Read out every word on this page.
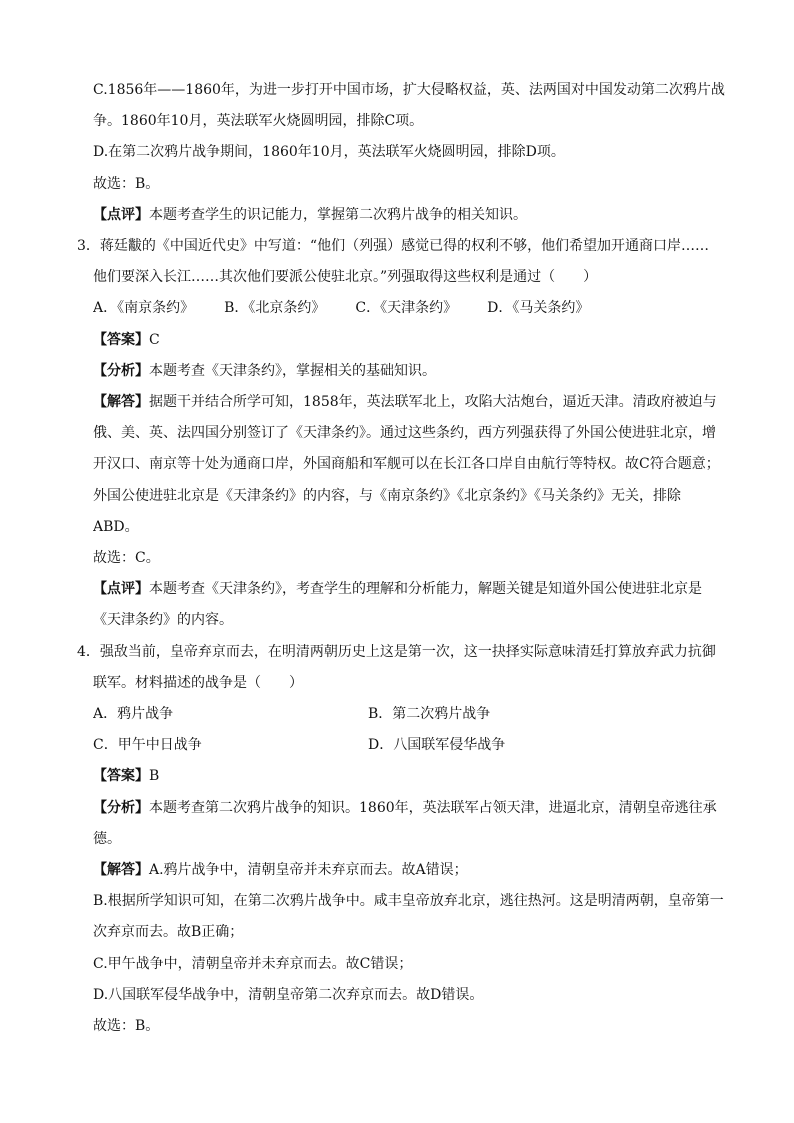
C.1856年——1860年，为进一步打开中国市场，扩大侵略权益，英、法两国对中国发动第二次鸦片战
争。1860年10月，英法联军火烧圆明园，排除C项。
D.在第二次鸦片战争期间，1860年10月，英法联军火烧圆明园，排除D项。
故选：B。
【点评】本题考查学生的识记能力，掌握第二次鸦片战争的相关知识。
3．蒋廷黻的《中国近代史》中写道：“他们（列强）感觉已得的权利不够，他们希望加开通商口岸……
他们要深入长江……其次他们要派公使驻北京。”列强取得这些权利是通过（　　）
A．《南京条约》 B．《北京条约》 C．《天津条约》 D．《马关条约》
【答案】C
【分析】本题考查《天津条约》，掌握相关的基础知识。
【解答】据题干并结合所学可知，1858年，英法联军北上，攻陷大沽炮台，逼近天津。清政府被迫与
俄、美、英、法四国分别签订了《天津条约》。通过这些条约，西方列强获得了外国公使进驻北京，增
开汉口、南京等十处为通商口岸，外国商船和军舰可以在长江各口岸自由航行等特权。故C符合题意；
外国公使进驻北京是《天津条约》的内容，与《南京条约》《北京条约》《马关条约》无关，排除
ABD。
故选：C。
【点评】本题考查《天津条约》，考查学生的理解和分析能力，解题关键是知道外国公使进驻北京是
《天津条约》的内容。
4．强敌当前，皇帝弃京而去，在明清两朝历史上这是第一次，这一抉择实际意味清廷打算放弃武力抗御
联军。材料描述的战争是（　　）
A．鸦片战争	B．第二次鸦片战争
C．甲午中日战争	D．八国联军侵华战争
【答案】B
【分析】本题考查第二次鸦片战争的知识。1860年，英法联军占领天津，进逼北京，清朝皇帝逃往承
德。
【解答】A.鸦片战争中，清朝皇帝并未弃京而去。故A错误；
B.根据所学知识可知，在第二次鸦片战争中。咸丰皇帝放弃北京，逃往热河。这是明清两朝，皇帝第一
次弃京而去。故B正确；
C.甲午战争中，清朝皇帝并未弃京而去。故C错误；
D.八国联军侵华战争中，清朝皇帝第二次弃京而去。故D错误。
故选：B。
